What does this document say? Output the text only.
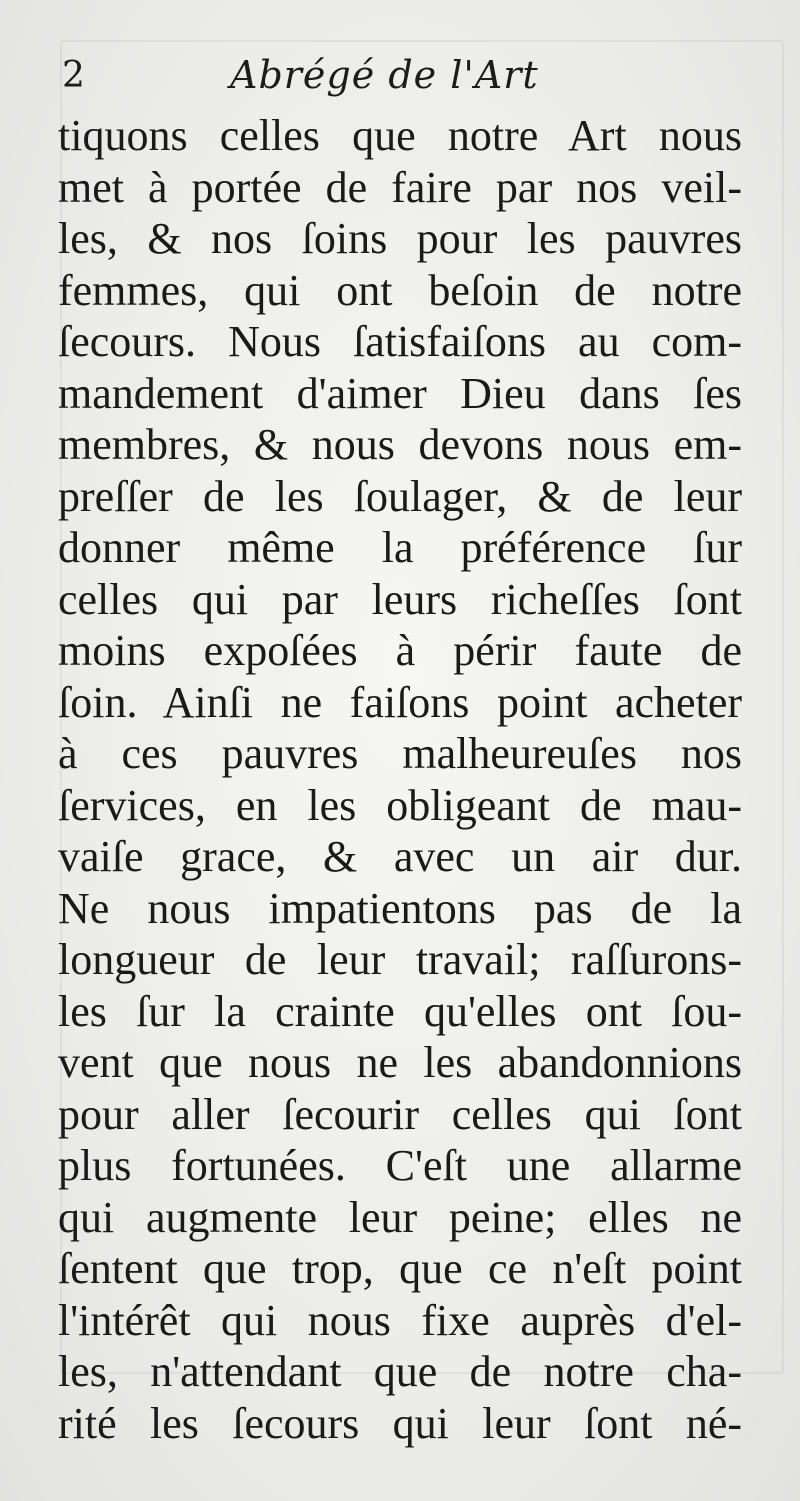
2	Abrégé de l'Art
tiquons celles que notre Art nous
met à portée de faire par nos veil-
les, & nos ſoins pour les pauvres
femmes, qui ont beſoin de notre
ſecours. Nous ſatisfaiſons au com-
mandement d'aimer Dieu dans ſes
membres, & nous devons nous em-
preſſer de les ſoulager, & de leur
donner même la préférence ſur
celles qui par leurs richeſſes ſont
moins expoſées à périr faute de
ſoin. Ainſi ne faiſons point acheter
à ces pauvres malheureuſes nos
ſervices, en les obligeant de mau-
vaiſe grace, & avec un air dur.
Ne nous impatientons pas de la
longueur de leur travail; raſſurons-
les ſur la crainte qu'elles ont ſou-
vent que nous ne les abandonnions
pour aller ſecourir celles qui ſont
plus fortunées. C'eſt une allarme
qui augmente leur peine; elles ne
ſentent que trop, que ce n'eſt point
l'intérêt qui nous fixe auprès d'el-
les, n'attendant que de notre cha-
rité les ſecours qui leur ſont né-
